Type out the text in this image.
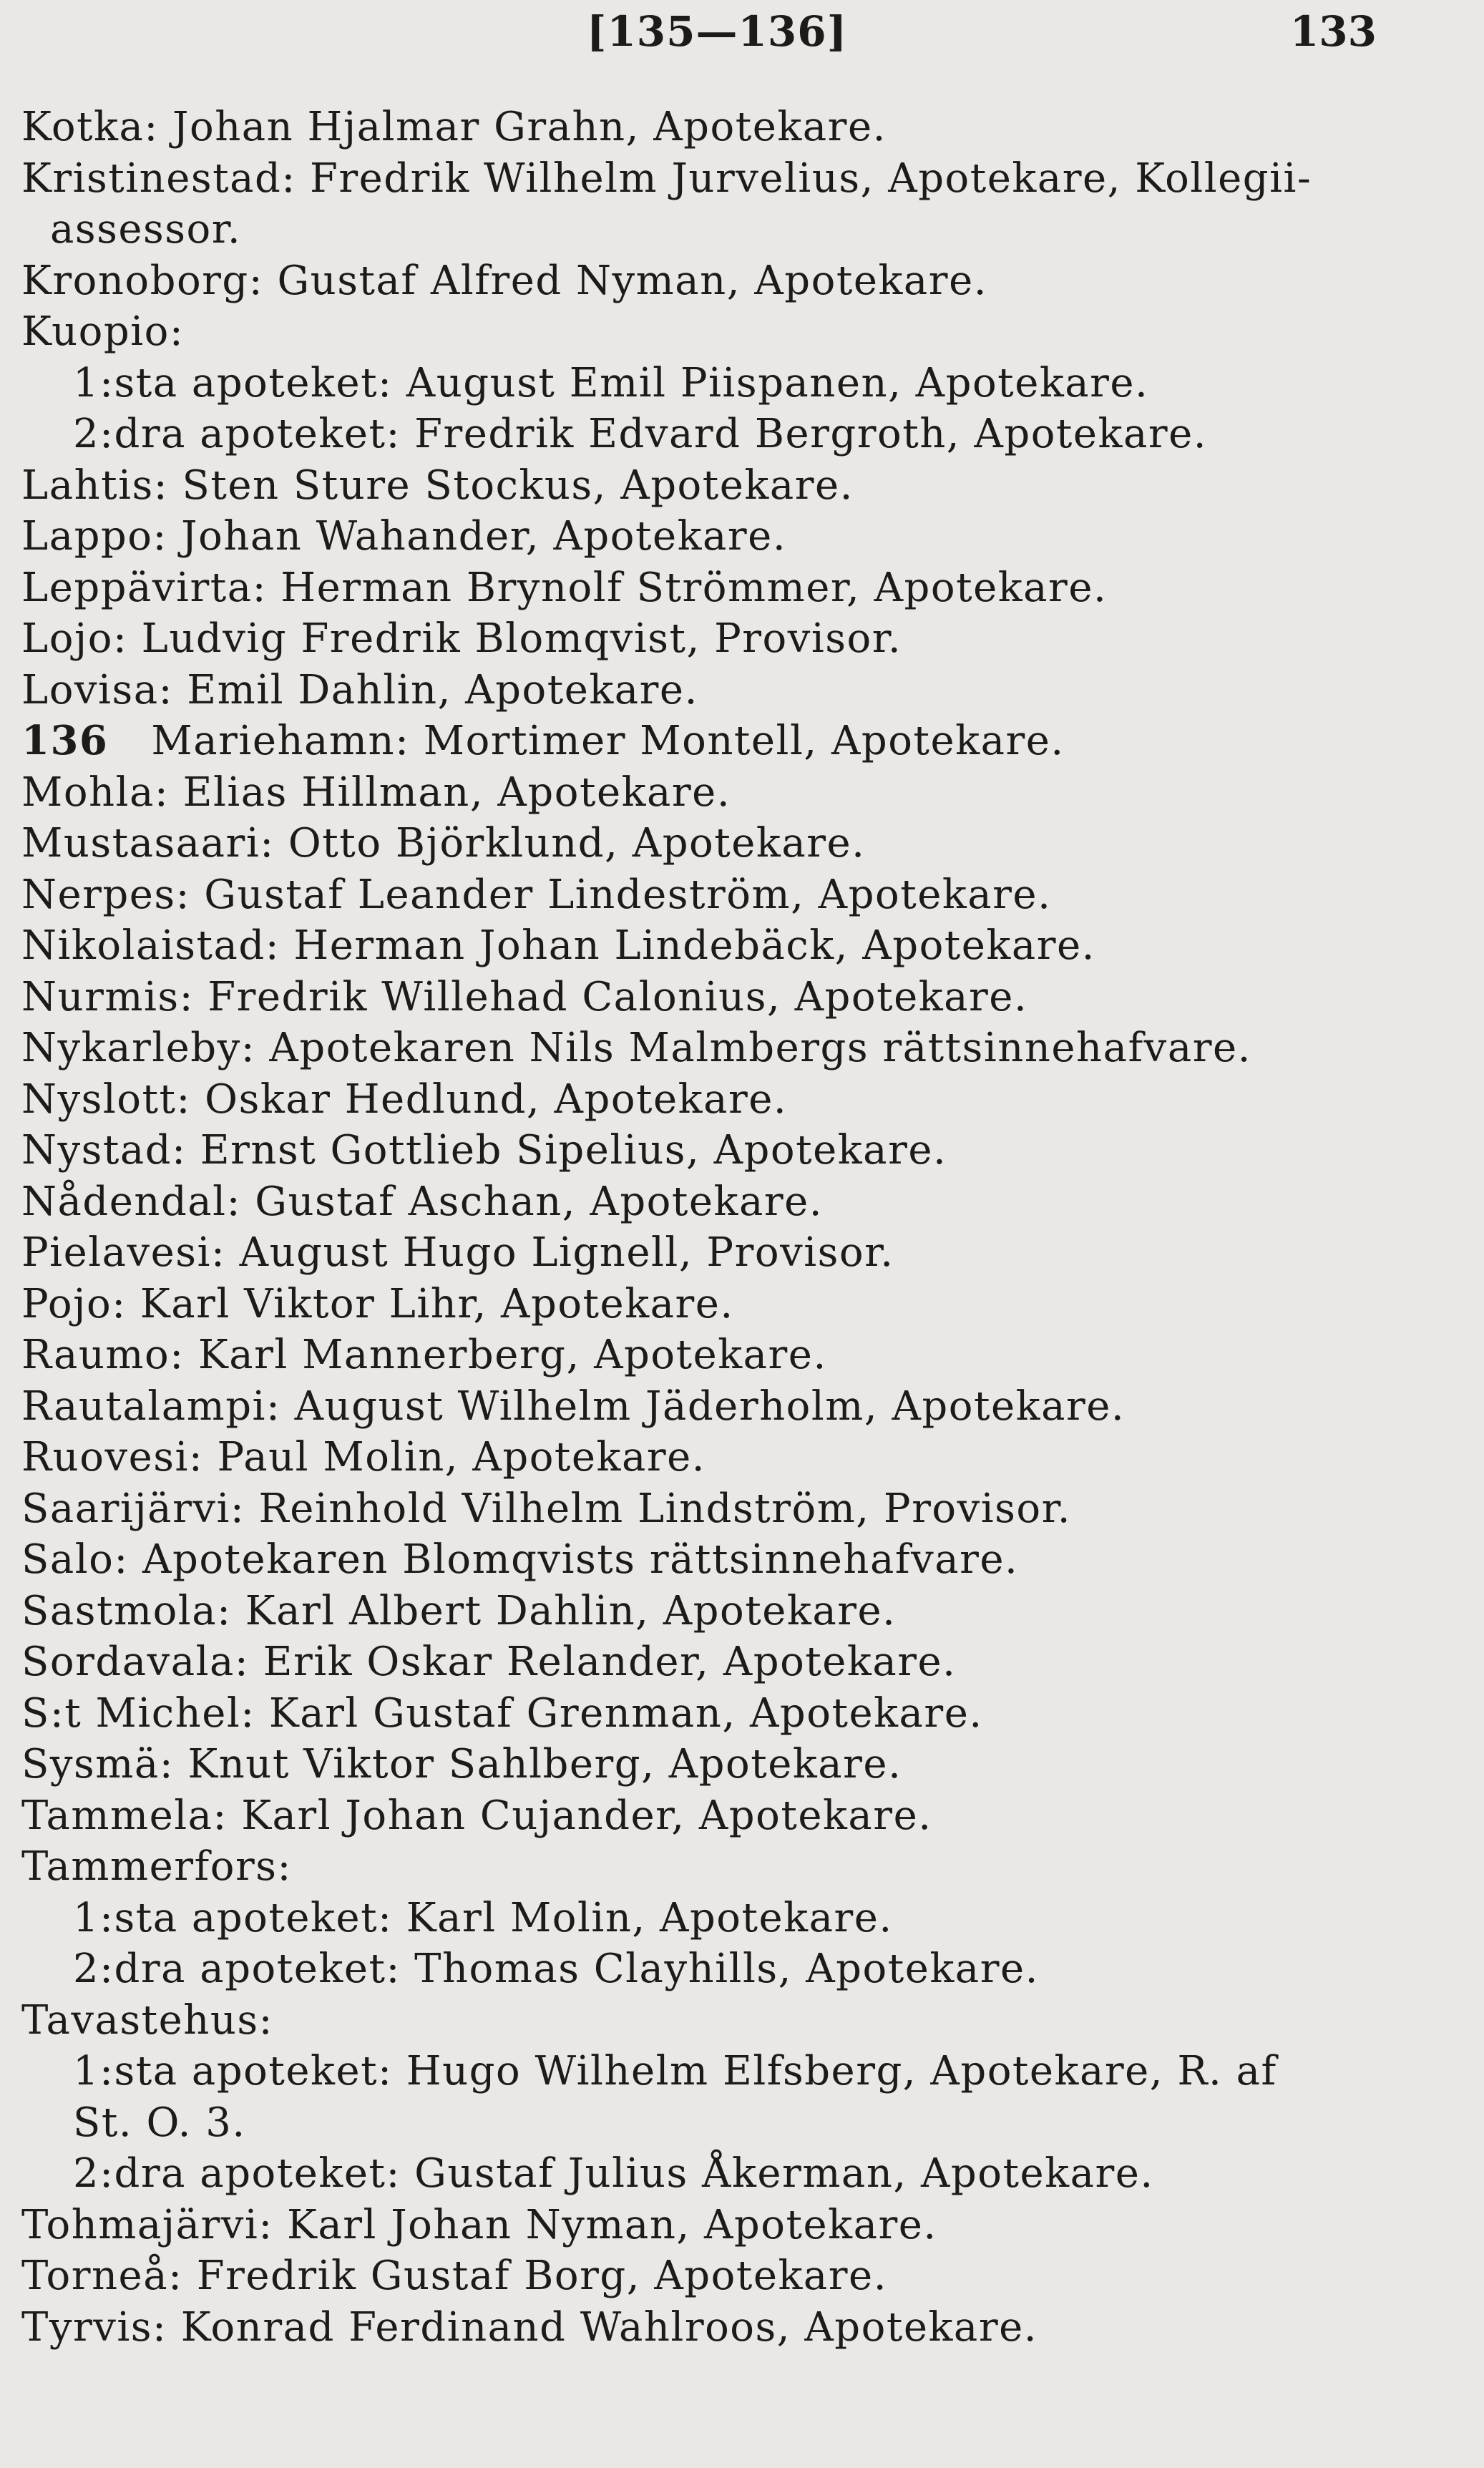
[135—136]	133
Kotka: Johan Hjalmar Grahn, Apotekare.
Kristinestad: Fredrik Wilhelm Jurvelius, Apotekare, Kollegii-
assessor.
Kronoborg: Gustaf Alfred Nyman, Apotekare.
Kuopio:
1:sta apoteket: August Emil Piispanen, Apotekare.
2:dra apoteket: Fredrik Edvard Bergroth, Apotekare.
Lahtis: Sten Sture Stockus, Apotekare.
Lappo: Johan Wahander, Apotekare.
Leppävirta: Herman Brynolf Strömmer, Apotekare.
Lojo: Ludvig Fredrik Blomqvist, Provisor.
Lovisa: Emil Dahlin, Apotekare.
136 Mariehamn: Mortimer Montell, Apotekare.
Mohla: Elias Hillman, Apotekare.
Mustasaari: Otto Björklund, Apotekare.
Nerpes: Gustaf Leander Lindeström, Apotekare.
Nikolaistad: Herman Johan Lindebäck, Apotekare.
Nurmis: Fredrik Willehad Calonius, Apotekare.
Nykarleby: Apotekaren Nils Malmbergs rättsinnehafvare.
Nyslott: Oskar Hedlund, Apotekare.
Nystad: Ernst Gottlieb Sipelius, Apotekare.
Nådendal: Gustaf Aschan, Apotekare.
Pielavesi: August Hugo Lignell, Provisor.
Pojo: Karl Viktor Lihr, Apotekare.
Raumo: Karl Mannerberg, Apotekare.
Rautalampi: August Wilhelm Jäderholm, Apotekare.
Ruovesi: Paul Molin, Apotekare.
Saarijärvi: Reinhold Vilhelm Lindström, Provisor.
Salo: Apotekaren Blomqvists rättsinnehafvare.
Sastmola: Karl Albert Dahlin, Apotekare.
Sordavala: Erik Oskar Relander, Apotekare.
S:t Michel: Karl Gustaf Grenman, Apotekare.
Sysmä: Knut Viktor Sahlberg, Apotekare.
Tammela: Karl Johan Cujander, Apotekare.
Tammerfors:
1:sta apoteket: Karl Molin, Apotekare.
2:dra apoteket: Thomas Clayhills, Apotekare.
Tavastehus:
1:sta apoteket: Hugo Wilhelm Elfsberg, Apotekare, R. af
St. O. 3.
2:dra apoteket: Gustaf Julius Åkerman, Apotekare.
Tohmajärvi: Karl Johan Nyman, Apotekare.
Torneå: Fredrik Gustaf Borg, Apotekare.
Tyrvis: Konrad Ferdinand Wahlroos, Apotekare.
